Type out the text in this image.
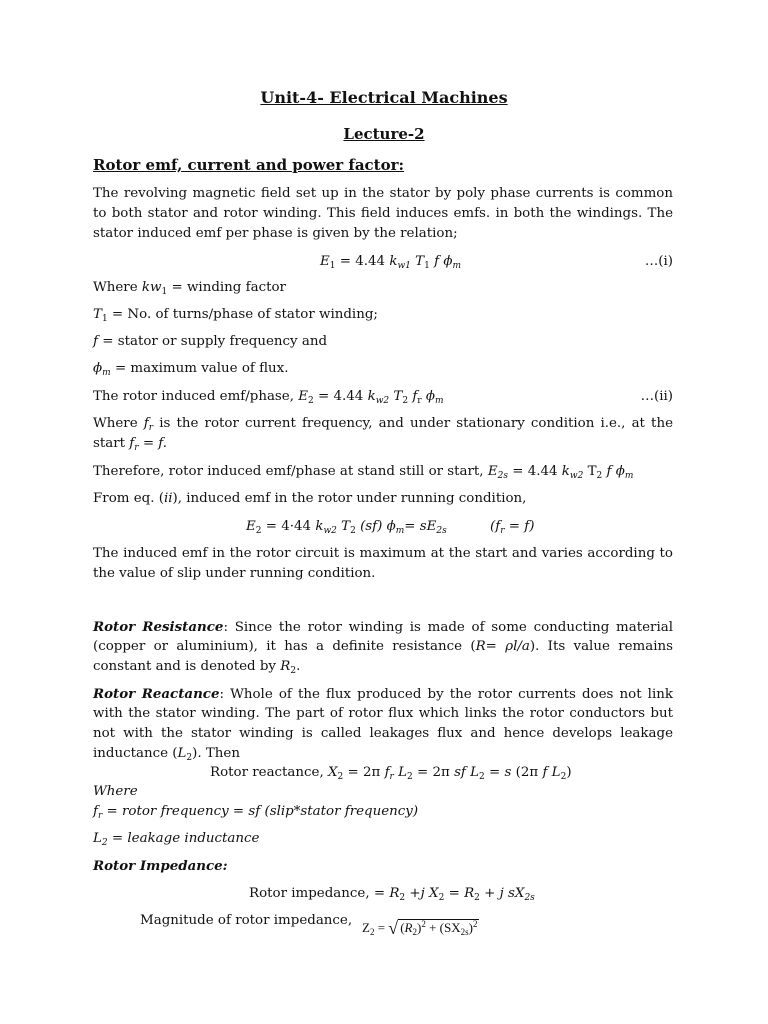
Unit-4- Electrical Machines
Lecture-2
Rotor emf, current and power factor:
The revolving magnetic field set up in the stator by poly phase currents is common
to both stator and rotor winding. This field induces emfs. in both the windings. The
stator induced emf per phase is given by the relation;
$E_1 = 4.44$ $k_{w1}$ $T_1$ f $\phi_m$	…(i)
Where $kw_1$ = winding factor
$T_1 = No$. of turns/phase of stator winding;
f = stator or supply frequency and
$\phi_m$ = maximum value of flux.
The rotor induced emf/phase, $E_2 = 4.44$ $k_{w2}$ $T_2$ $f_r$ $\phi_m$	…(ii)
Where $f_r$ is the rotor current frequency, and under stationary condition i.e., at the
start $f_r = f$.
Therefore, rotor induced emf/phase at stand still or start, $E_{2s} = 4.44$ $k_{w2}$ $T_2$ f $\phi_m$
From eq. (ii), induced emf in the rotor under running condition,
$E_2 = 4\cdot 44$ $k_{w2}$ $T_2$ (sf) $\phi_m= sE_{2s}$	$(f_r = f)$
The induced emf in the rotor circuit is maximum at the start and varies according to
the value of slip under running condition.
Rotor Resistance: Since the rotor winding is made of some conducting material
(copper or aluminium), it has a definite resistance (R= ρl/a). Its value remains
constant and is denoted by $R_2$.
Rotor Reactance: Whole of the flux produced by the rotor currents does not link
with the stator winding. The part of rotor flux which links the rotor conductors but
not with the stator winding is called leakages flux and hence develops leakage
inductance $(L_2)$. Then
Rotor reactance, $X_2 = 2\pi$ $f_r$ $L_2 = 2\pi$ sf $L_2 = s$ (2π f $L_2$)
Where
$f_r$ = rotor frequency = sf (slip*stator frequency)
$L_2$ = leakage inductance
Rotor Impedance:
Rotor impedance, = $R_2 +j$ $X_2 = R_2 + j$ $sX_{2s}$
Magnitude of rotor impedance, $Z_2$ = √ $(R_2)^2 + (SX_{2s})^2$
